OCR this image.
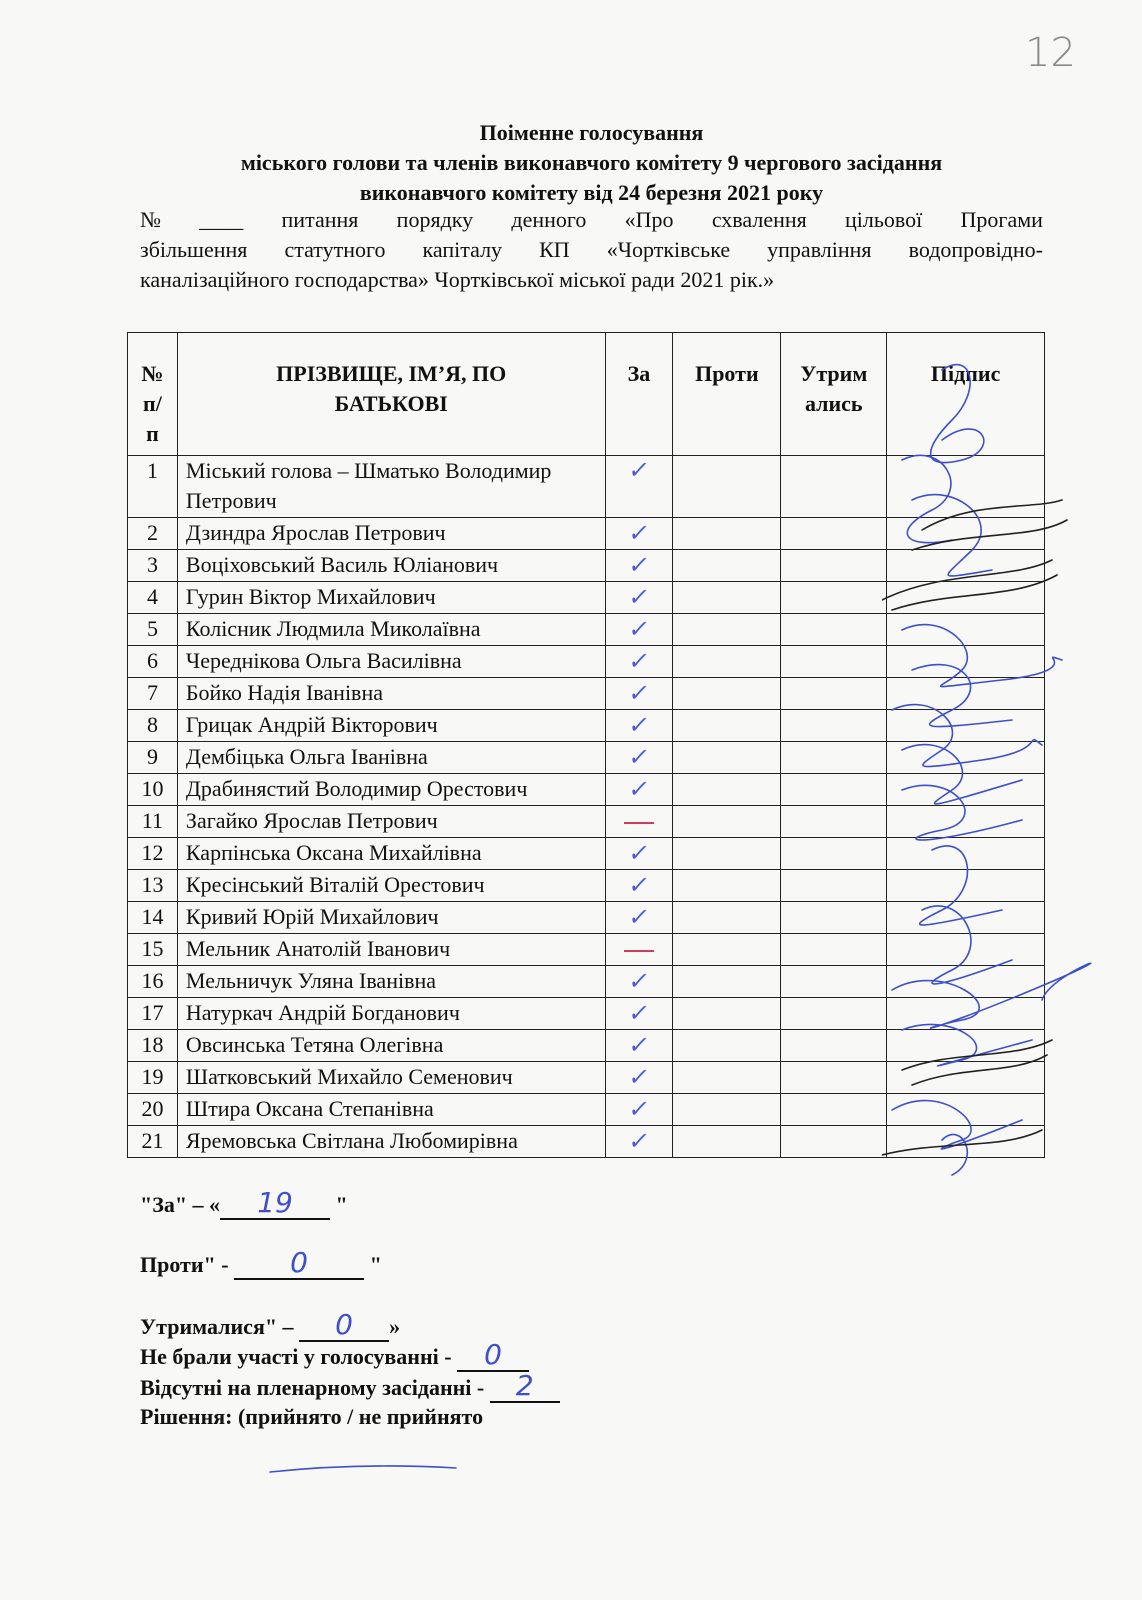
12
Поіменне голосування
міського голови та членів виконавчого комітету 9 чергового засідання
виконавчого комітету від 24 березня 2021 року
№ ____ питання порядку денного «Про схвалення цільової Прогами
збільшення статутного капіталу КП «Чортківське управління водопровідно-
каналізаційного господарства» Чортківської міської ради 2021 рік.»
№ п/п	ПРІЗВИЩЕ, ІМ’Я, ПО БАТЬКОВІ	За	Проти	Утрим ались	Підпис
1	Міський голова – Шматько Володимир Петрович	✓			
2	Дзиндра Ярослав Петрович	✓			
3	Воціховський Василь Юліанович	✓			
4	Гурин Віктор Михайлович	✓			
5	Колісник Людмила Миколаївна	✓			
6	Череднікова Ольга Василівна	✓			
7	Бойко Надія Іванівна	✓			
8	Грицак Андрій Вікторович	✓			
9	Дембіцька Ольга Іванівна	✓			
10	Драбинястий Володимир Орестович	✓			
11	Загайко Ярослав Петрович				
12	Карпінська Оксана Михайлівна	✓			
13	Кресінський Віталій Орестович	✓			
14	Кривий Юрій Михайлович	✓			
15	Мельник Анатолій Іванович				
16	Мельничук Уляна Іванівна	✓			
17	Натуркач Андрій Богданович	✓			
18	Овсинська Тетяна Олегівна	✓			
19	Шатковський Михайло Семенович	✓			
20	Штира Оксана Степанівна	✓			
21	Яремовська Світлана Любомирівна	✓			
"За" – « 19 "
Проти" - 0	"
Утрималися" – 0 »
Не брали участі у голосуванні - 0
Відсутні на пленарному засіданні - 2
Рішення: (прийнято / не прийнято
